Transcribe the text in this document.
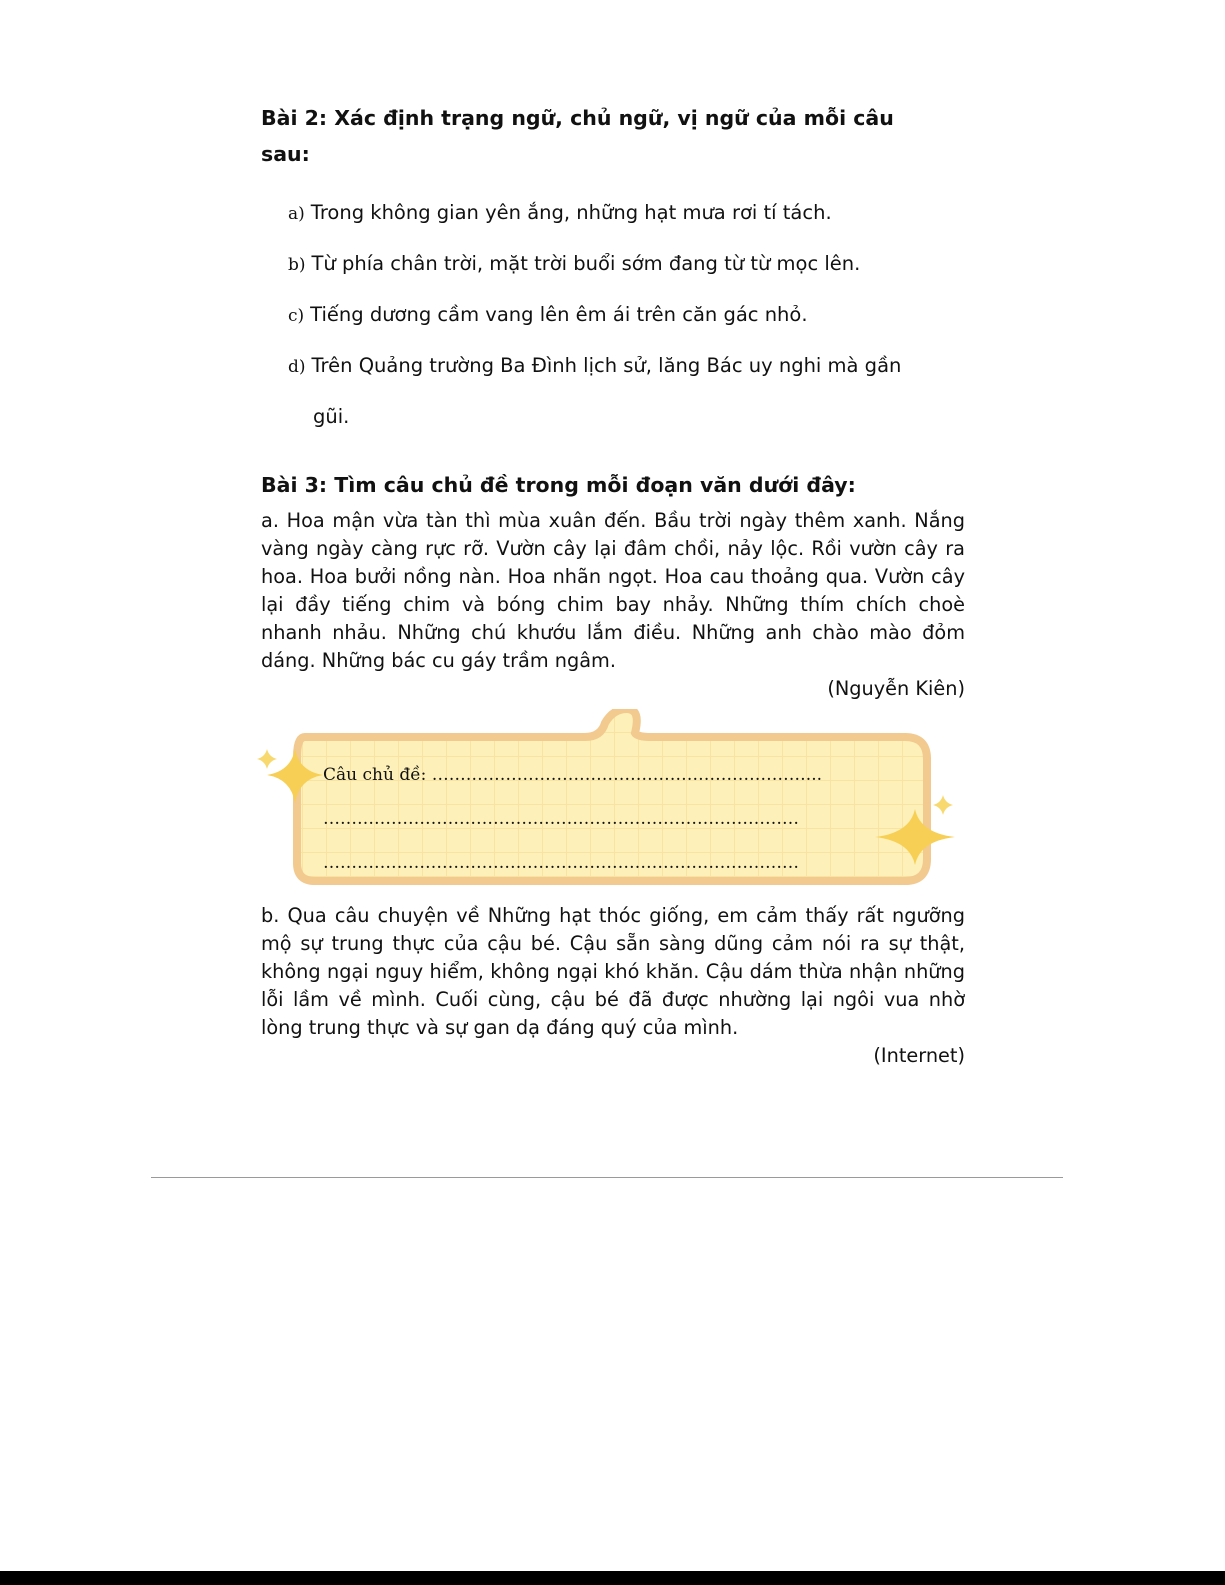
Bài 2: Xác định trạng ngữ, chủ ngữ, vị ngữ của mỗi câu
sau:

a) Trong không gian yên ắng, những hạt mưa rơi tí tách.
b) Từ phía chân trời, mặt trời buổi sớm đang từ từ mọc lên.
c) Tiếng dương cầm vang lên êm ái trên căn gác nhỏ.
d) Trên Quảng trường Ba Đình lịch sử, lăng Bác uy nghi mà gần
gũi.

Bài 3: Tìm câu chủ đề trong mỗi đoạn văn dưới đây:

a. Hoa mận vừa tàn thì mùa xuân đến. Bầu trời ngày thêm xanh. Nắng vàng ngày càng rực rỡ. Vườn cây lại đâm chồi, nảy lộc. Rồi vườn cây ra hoa. Hoa bưởi nồng nàn. Hoa nhãn ngọt. Hoa cau thoảng qua. Vườn cây lại đầy tiếng chim và bóng chim bay nhảy. Những thím chích choè nhanh nhảu. Những chú khướu lắm điều. Những anh chào mào đỏm dáng. Những bác cu gáy trầm ngâm.

(Nguyễn Kiên)

Câu chủ đề: …………………………………………………………...
…………………………………………………………………………
…………………………………………………………………………

b. Qua câu chuyện về Những hạt thóc giống, em cảm thấy rất ngưỡng mộ sự trung thực của cậu bé. Cậu sẵn sàng dũng cảm nói ra sự thật, không ngại nguy hiểm, không ngại khó khăn. Cậu dám thừa nhận những lỗi lầm về mình. Cuối cùng, cậu bé đã được nhường lại ngôi vua nhờ lòng trung thực và sự gan dạ đáng quý của mình.

(Internet)
